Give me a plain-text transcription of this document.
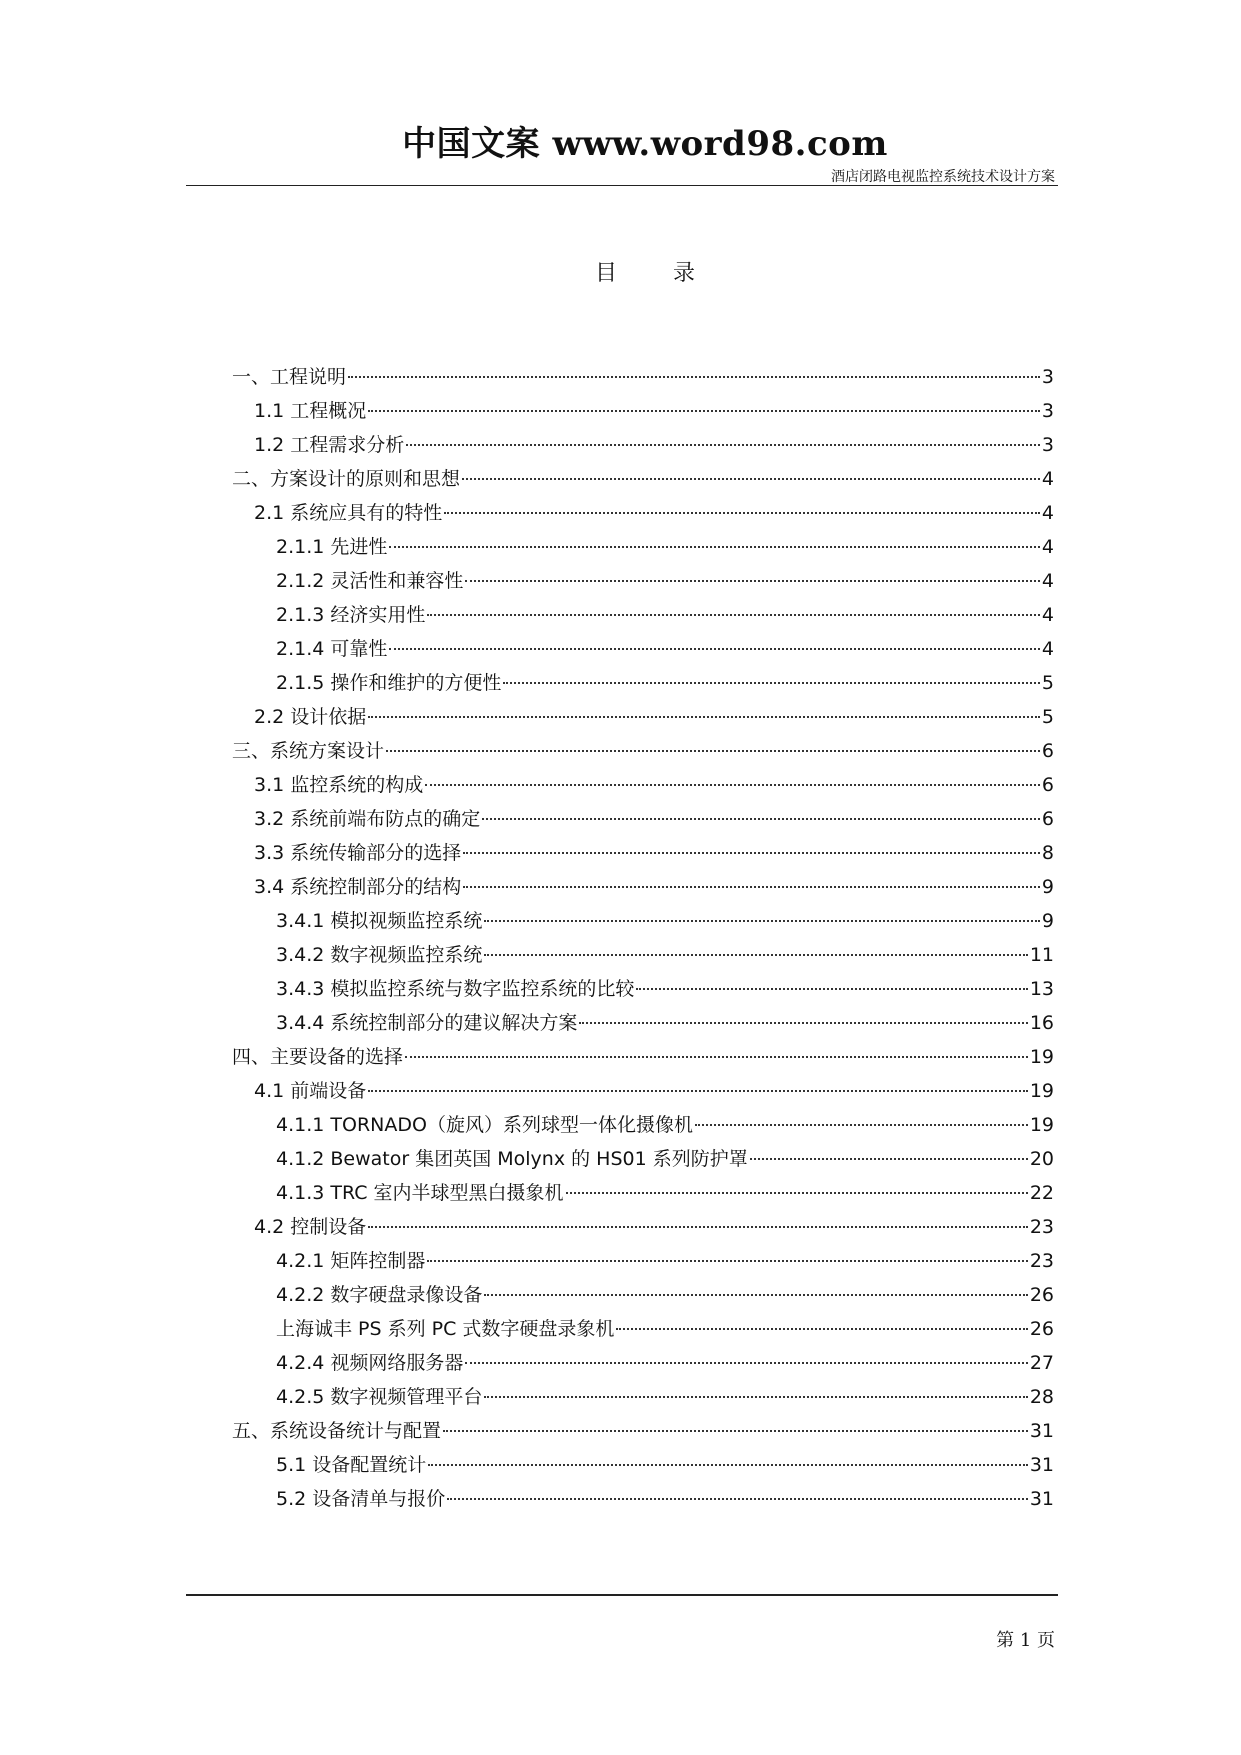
中国文案 www.word98.com
酒店闭路电视监控系统技术设计方案
目录
一、工程说明	3
1.1 工程概况	3
1.2 工程需求分析	3
二、方案设计的原则和思想	4
2.1 系统应具有的特性	4
2.1.1 先进性	4
2.1.2 灵活性和兼容性	4
2.1.3 经济实用性	4
2.1.4 可靠性	4
2.1.5 操作和维护的方便性	5
2.2 设计依据	5
三、系统方案设计	6
3.1 监控系统的构成	6
3.2 系统前端布防点的确定	6
3.3 系统传输部分的选择	8
3.4 系统控制部分的结构	9
3.4.1 模拟视频监控系统	9
3.4.2 数字视频监控系统	11
3.4.3 模拟监控系统与数字监控系统的比较	13
3.4.4 系统控制部分的建议解决方案	16
四、主要设备的选择	19
4.1 前端设备	19
4.1.1 TORNADO（旋风）系列球型一体化摄像机	19
4.1.2 Bewator 集团英国 Molynx 的 HS01 系列防护罩	20
4.1.3 TRC 室内半球型黑白摄象机	22
4.2 控制设备	23
4.2.1 矩阵控制器	23
4.2.2 数字硬盘录像设备	26
上海诚丰 PS 系列 PC 式数字硬盘录象机	26
4.2.4 视频网络服务器	27
4.2.5 数字视频管理平台	28
五、系统设备统计与配置	31
5.1 设备配置统计	31
5.2 设备清单与报价	31
第 1 页
